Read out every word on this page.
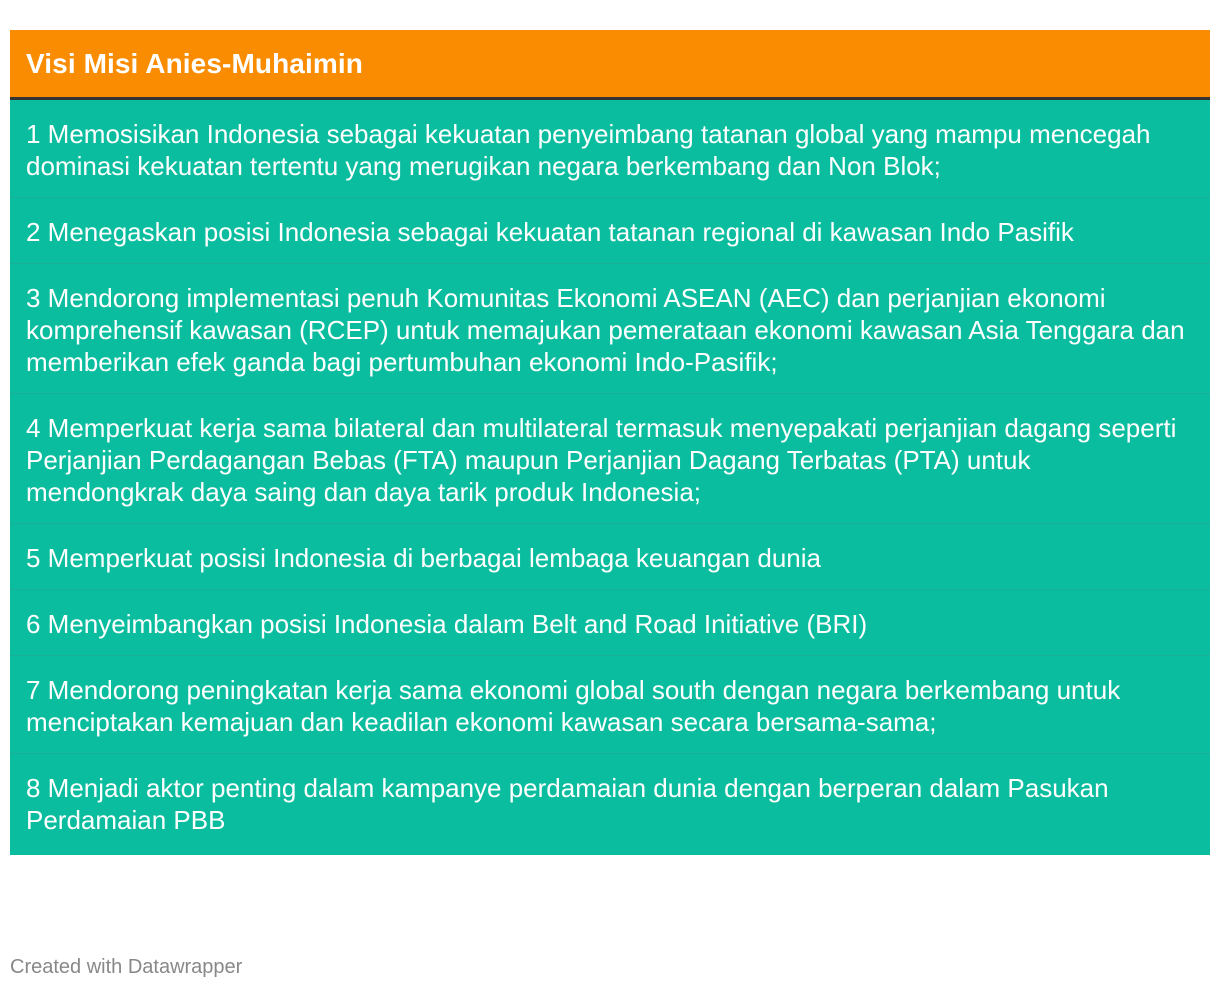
Visi Misi Anies-Muhaimin
1 Memosisikan Indonesia sebagai kekuatan penyeimbang tatanan global yang mampu mencegah dominasi kekuatan tertentu yang merugikan negara berkembang dan Non Blok;
2 Menegaskan posisi Indonesia sebagai kekuatan tatanan regional di kawasan Indo Pasifik
3 Mendorong implementasi penuh Komunitas Ekonomi ASEAN (AEC) dan perjanjian ekonomi komprehensif kawasan (RCEP) untuk memajukan pemerataan ekonomi kawasan Asia Tenggara dan memberikan efek ganda bagi pertumbuhan ekonomi Indo-Pasifik;
4 Memperkuat kerja sama bilateral dan multilateral termasuk menyepakati perjanjian dagang seperti Perjanjian Perdagangan Bebas (FTA) maupun Perjanjian Dagang Terbatas (PTA) untuk mendongkrak daya saing dan daya tarik produk Indonesia;
5 Memperkuat posisi Indonesia di berbagai lembaga keuangan dunia
6 Menyeimbangkan posisi Indonesia dalam Belt and Road Initiative (BRI)
7 Mendorong peningkatan kerja sama ekonomi global south dengan negara berkembang untuk menciptakan kemajuan dan keadilan ekonomi kawasan secara bersama-sama;
8 Menjadi aktor penting dalam kampanye perdamaian dunia dengan berperan dalam Pasukan Perdamaian PBB
Created with Datawrapper
